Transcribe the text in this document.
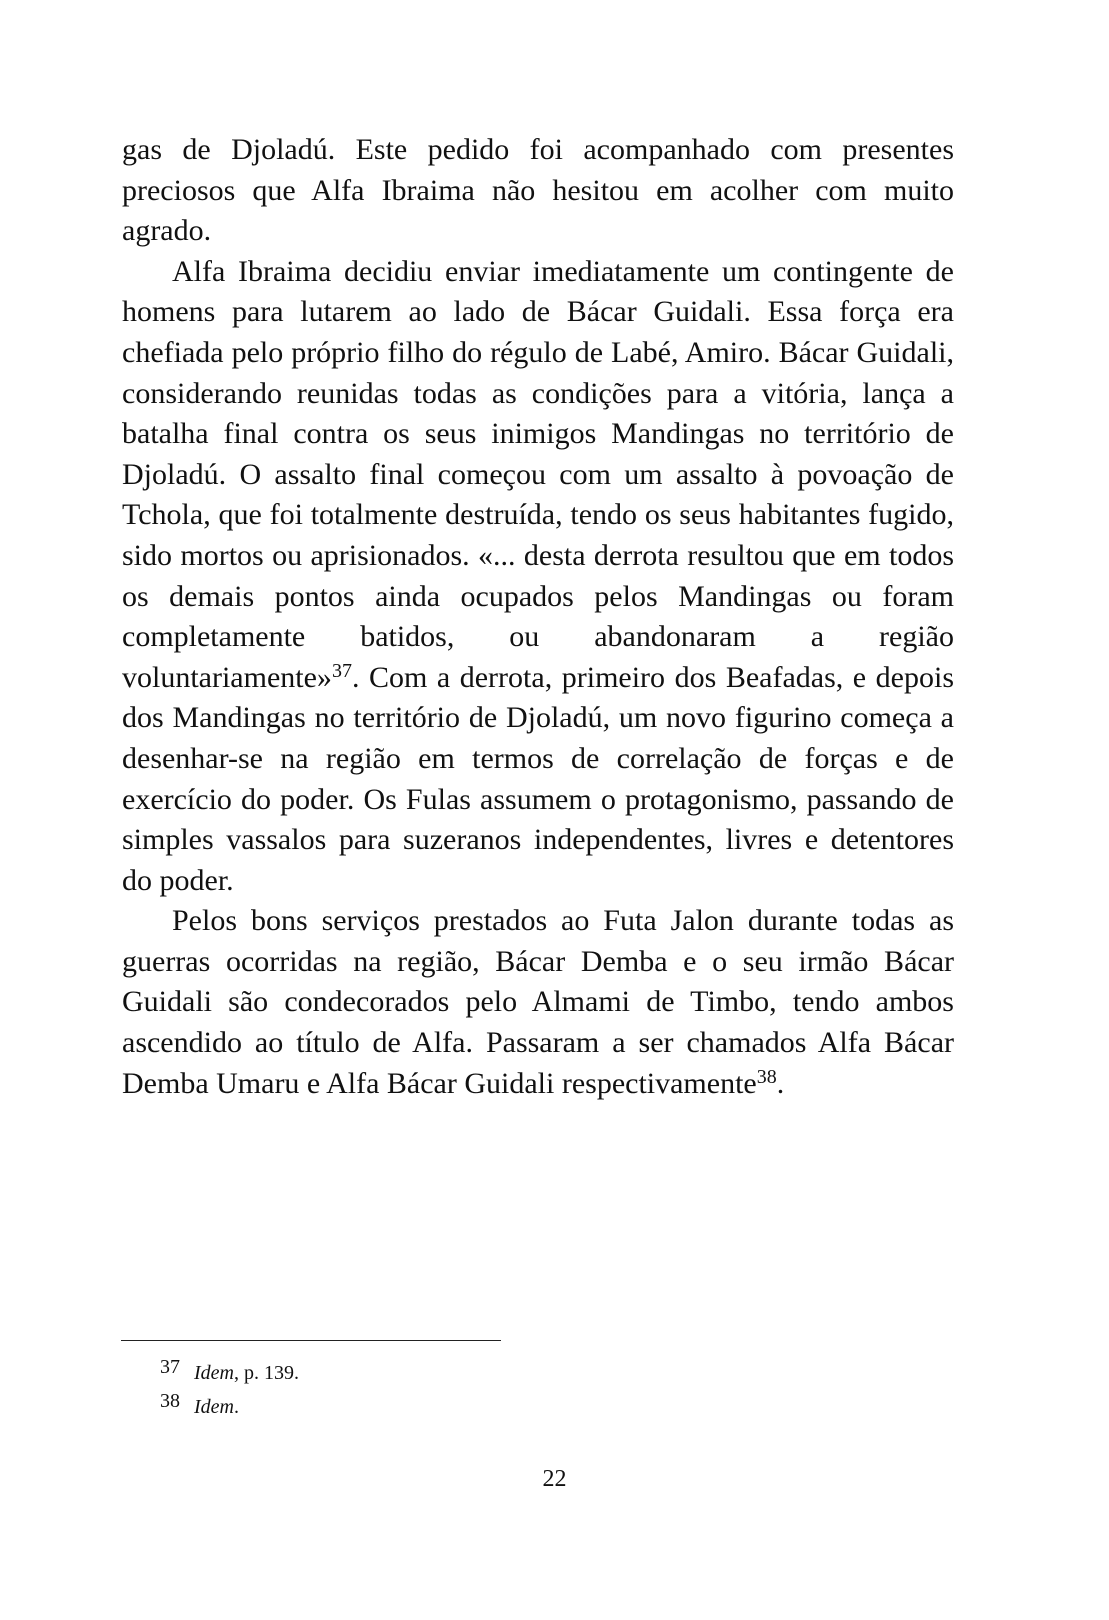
gas de Djoladú. Este pedido foi acompanhado com presentes preciosos que Alfa Ibraima não hesitou em acolher com muito agrado.

Alfa Ibraima decidiu enviar imediatamente um contingente de homens para lutarem ao lado de Bácar Guidali. Essa força era chefiada pelo próprio filho do régulo de Labé, Amiro. Bácar Guidali, considerando reunidas todas as condições para a vitória, lança a batalha final contra os seus inimigos Mandingas no território de Djoladú. O assalto final começou com um assalto à povoação de Tchola, que foi totalmente destruída, tendo os seus habitantes fugido, sido mortos ou aprisionados. «... desta derrota resultou que em todos os demais pontos ainda ocupados pelos Mandingas ou foram completamente batidos, ou abandonaram a região voluntariamente»$^{37}$. Com a derrota, primeiro dos Beafadas, e depois dos Mandingas no território de Djoladú, um novo figurino começa a desenhar-se na região em termos de correlação de forças e de exercício do poder. Os Fulas assumem o protagonismo, passando de simples vassalos para suzeranos independentes, livres e detentores do poder.

Pelos bons serviços prestados ao Futa Jalon durante todas as guerras ocorridas na região, Bácar Demba e o seu irmão Bácar Guidali são condecorados pelo Almami de Timbo, tendo ambos ascendido ao título de Alfa. Passaram a ser chamados Alfa Bácar Demba Umaru e Alfa Bácar Guidali respectivamente$^{38}$.

37 Idem, p. 139.
38 Idem.
22
